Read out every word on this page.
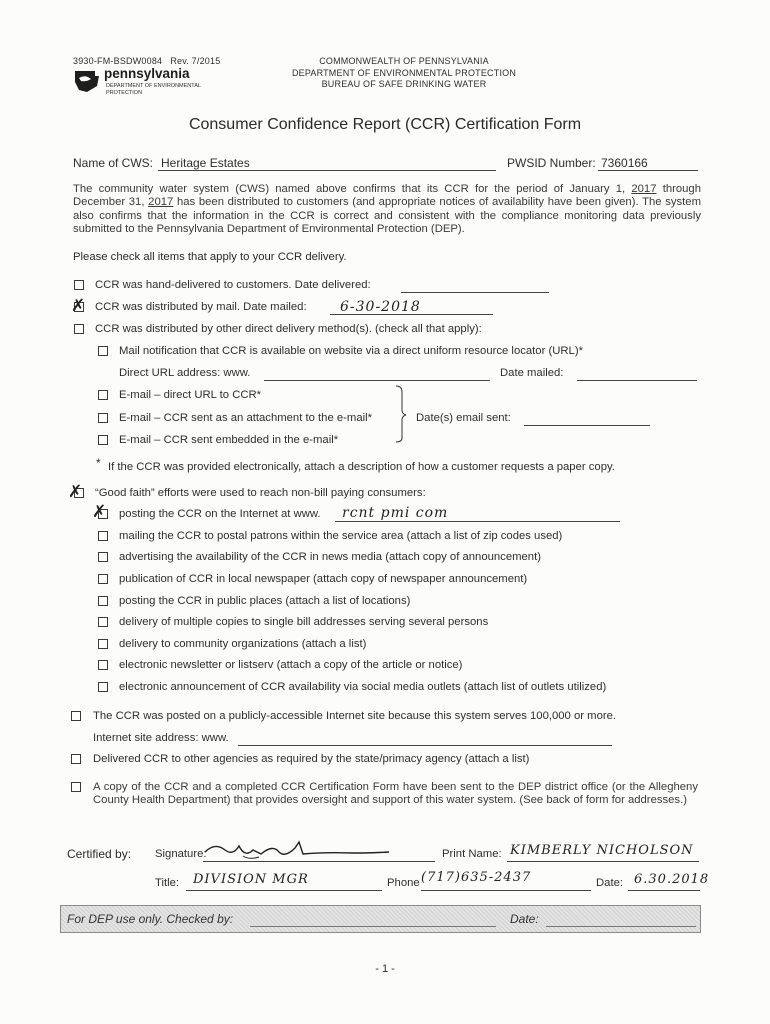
3930-FM-BSDW0084 Rev. 7/2015
pennsylvania
DEPARTMENT OF ENVIRONMENTAL
PROTECTION
COMMONWEALTH OF PENNSYLVANIA
DEPARTMENT OF ENVIRONMENTAL PROTECTION
BUREAU OF SAFE DRINKING WATER
Consumer Confidence Report (CCR) Certification Form
Name of CWS: Heritage Estates	PWSID Number: 7360166
The community water system (CWS) named above confirms that its CCR for the period of January 1, 2017 through December 31, 2017 has been distributed to customers (and appropriate notices of availability have been given). The system also confirms that the information in the CCR is correct and consistent with the compliance monitoring data previously submitted to the Pennsylvania Department of Environmental Protection (DEP).
Please check all items that apply to your CCR delivery.
CCR was hand-delivered to customers. Date delivered:
✗ CCR was distributed by mail. Date mailed: 6-30-2018
CCR was distributed by other direct delivery method(s). (check all that apply):
Mail notification that CCR is available on website via a direct uniform resource locator (URL)*
Direct URL address: www.	Date mailed:
E-mail – direct URL to CCR*
E-mail – CCR sent as an attachment to the e-mail*
E-mail – CCR sent embedded in the e-mail*
Date(s) email sent:
* If the CCR was provided electronically, attach a description of how a customer requests a paper copy.
✗ “Good faith” efforts were used to reach non-bill paying consumers:
✗ posting the CCR on the Internet at www. rcnt pmi com
mailing the CCR to postal patrons within the service area (attach a list of zip codes used)
advertising the availability of the CCR in news media (attach copy of announcement)
publication of CCR in local newspaper (attach copy of newspaper announcement)
posting the CCR in public places (attach a list of locations)
delivery of multiple copies to single bill addresses serving several persons
delivery to community organizations (attach a list)
electronic newsletter or listserv (attach a copy of the article or notice)
electronic announcement of CCR availability via social media outlets (attach list of outlets utilized)
The CCR was posted on a publicly-accessible Internet site because this system serves 100,000 or more.
Internet site address: www.
Delivered CCR to other agencies as required by the state/primacy agency (attach a list)
A copy of the CCR and a completed CCR Certification Form have been sent to the DEP district office (or the Allegheny County Health Department) that provides oversight and support of this water system. (See back of form for addresses.)
Certified by: Signature:	Print Name: KIMBERLY NICHOLSON
Title: DIVISION MGR	Phone (717)635-2437	Date: 6.30.2018
For DEP use only. Checked by:	Date:
- 1 -
